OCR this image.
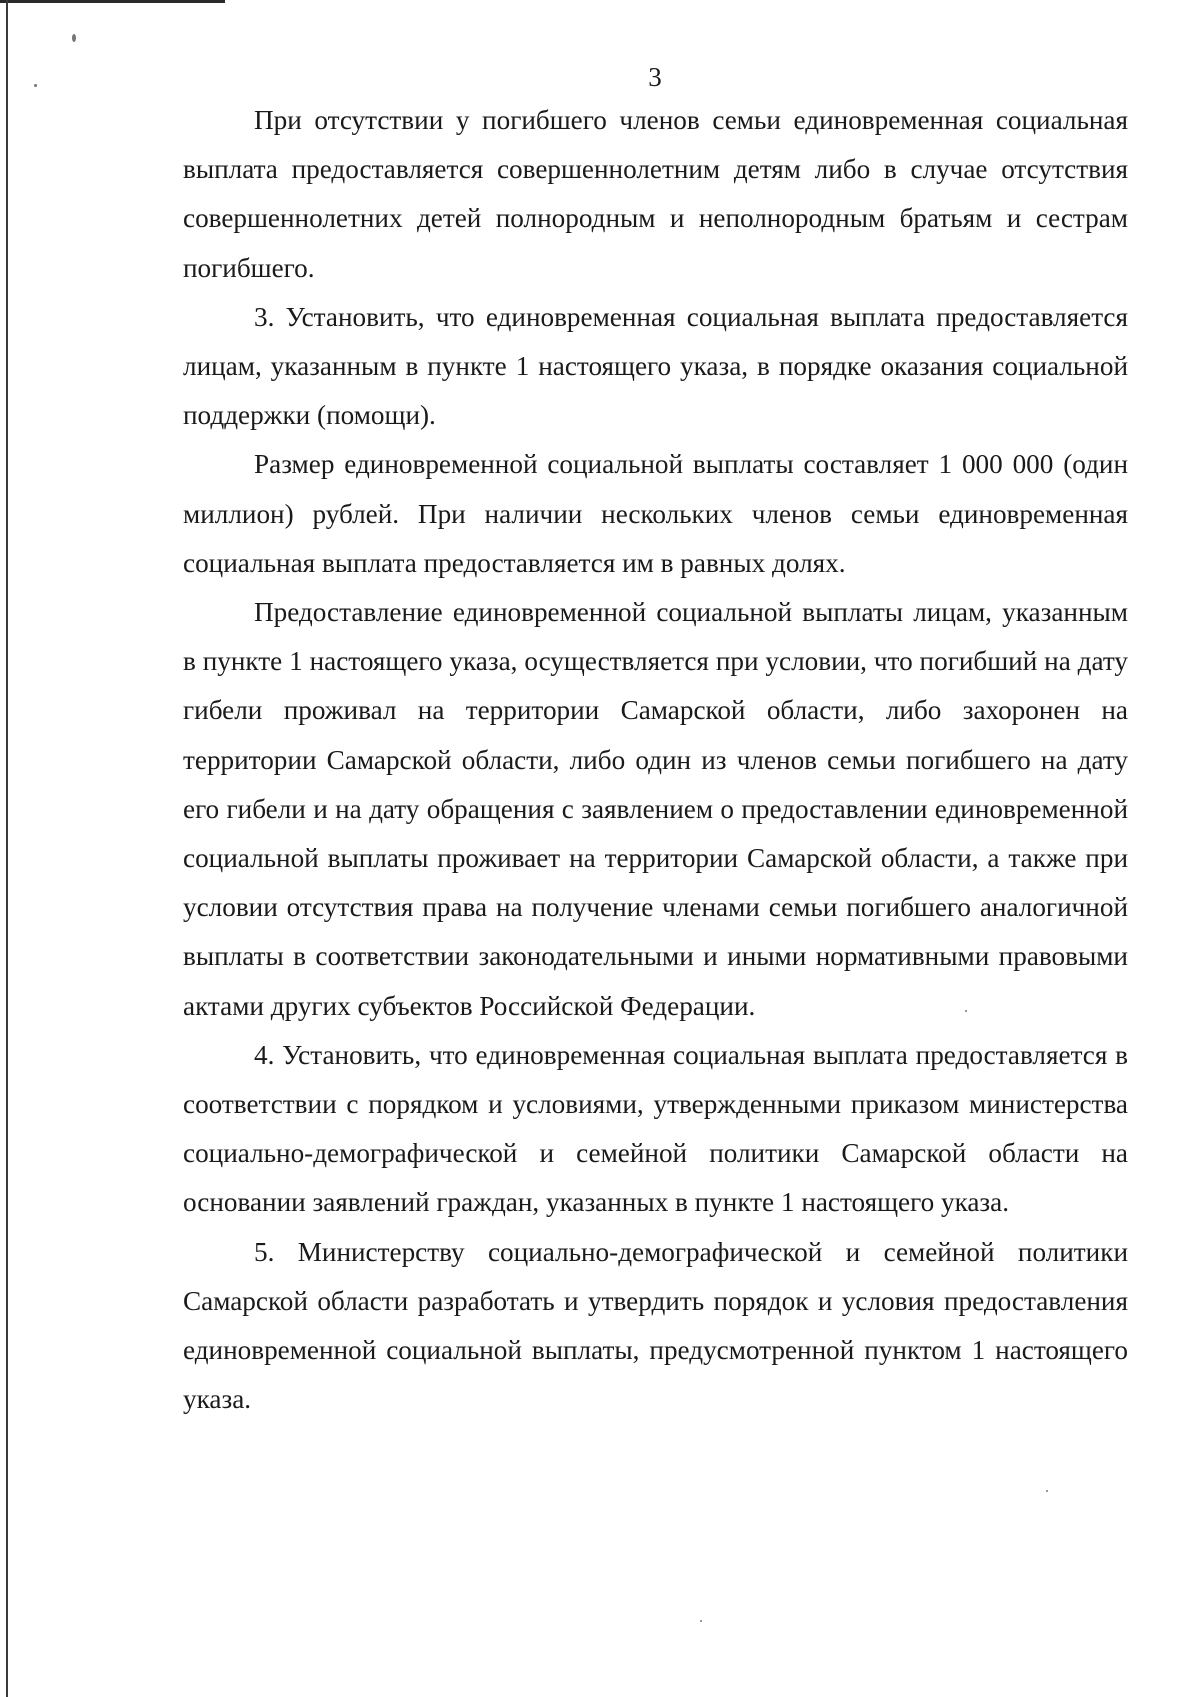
3

При отсутствии у погибшего членов семьи единовременная социальная выплата предоставляется совершеннолетним детям либо в случае отсутствия совершеннолетних детей полнородным и неполнородным братьям и сестрам погибшего.

3. Установить, что единовременная социальная выплата предоставляется лицам, указанным в пункте 1 настоящего указа, в порядке оказания социальной поддержки (помощи).

Размер единовременной социальной выплаты составляет 1 000 000 (один миллион) рублей. При наличии нескольких членов семьи единовременная социальная выплата предоставляется им в равных долях.

Предоставление единовременной социальной выплаты лицам, указанным в пункте 1 настоящего указа, осуществляется при условии, что погибший на дату гибели проживал на территории Самарской области, либо захоронен на территории Самарской области, либо один из членов семьи погибшего на дату его гибели и на дату обращения с заявлением о предоставлении единовременной социальной выплаты проживает на территории Самарской области, а также при условии отсутствия права на получение членами семьи погибшего аналогичной выплаты в соответствии законодательными и иными нормативными правовыми актами других субъектов Российской Федерации.

4. Установить, что единовременная социальная выплата предоставляется в соответствии с порядком и условиями, утвержденными приказом министерства социально-демографической и семейной политики Самарской области на основании заявлений граждан, указанных в пункте 1 настоящего указа.

5. Министерству социально-демографической и семейной политики Самарской области разработать и утвердить порядок и условия предоставления единовременной социальной выплаты, предусмотренной пунктом 1 настоящего указа.
